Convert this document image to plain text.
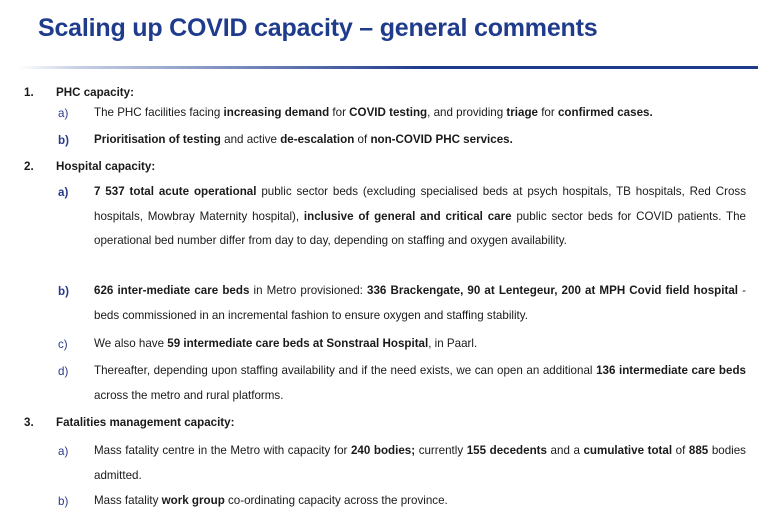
Scaling up COVID capacity – general comments
1. PHC capacity:
a) The PHC facilities facing increasing demand for COVID testing, and providing triage for confirmed cases.
b) Prioritisation of testing and active de-escalation of non-COVID PHC services.
2. Hospital capacity:
a) 7 537 total acute operational public sector beds (excluding specialised beds at psych hospitals, TB hospitals, Red Cross hospitals, Mowbray Maternity hospital), inclusive of general and critical care public sector beds for COVID patients. The operational bed number differ from day to day, depending on staffing and oxygen availability.
b) 626 inter-mediate care beds in Metro provisioned: 336 Brackengate, 90 at Lentegeur, 200 at MPH Covid field hospital - beds commissioned in an incremental fashion to ensure oxygen and staffing stability.
c) We also have 59 intermediate care beds at Sonstraal Hospital, in Paarl.
d) Thereafter, depending upon staffing availability and if the need exists, we can open an additional 136 intermediate care beds across the metro and rural platforms.
3. Fatalities management capacity:
a) Mass fatality centre in the Metro with capacity for 240 bodies; currently 155 decedents and a cumulative total of 885 bodies admitted.
b) Mass fatality work group co-ordinating capacity across the province.
